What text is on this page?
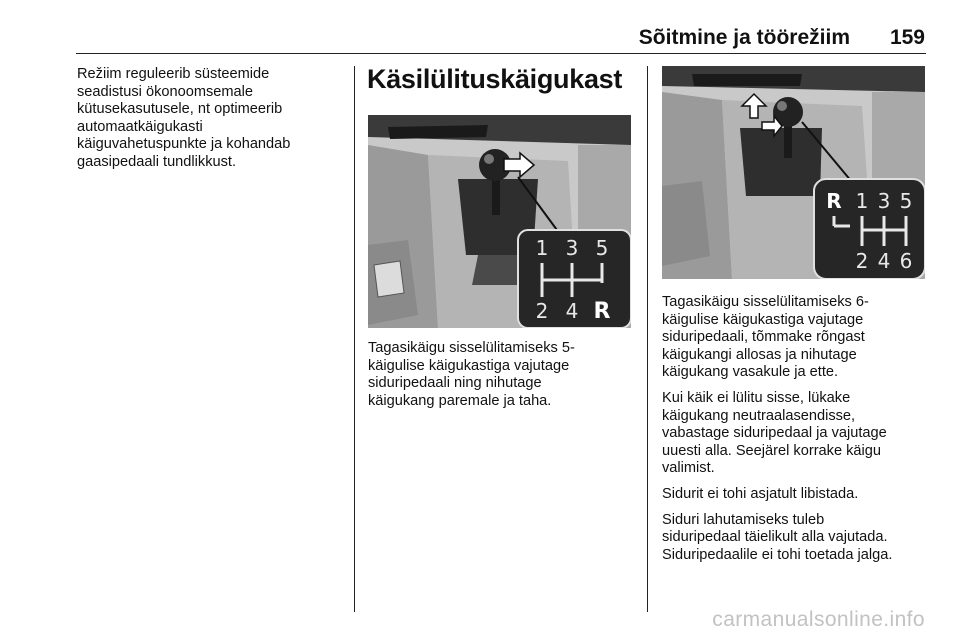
Sõitmine ja töörežiim 159

Režiim reguleerib süsteemide
seadistusi ökonoomsemale
kütusekasutusele, nt optimeerib
automaatkäigukasti
käiguvahetuspunkte ja kohandab
gaasipedaali tundlikkust.

Käsilülituskäigukast
1 3 5
2 4 R

Tagasikäigu sisselülitamiseks 5-
käigulise käigukastiga vajutage
siduripedaali ning nihutage
käigukang paremale ja taha.

R 1 3 5
2 4 6

Tagasikäigu sisselülitamiseks 6-
käigulise käigukastiga vajutage
siduripedaali, tõmmake rõngast
käigukangi allosas ja nihutage
käigukang vasakule ja ette.

Kui käik ei lülitu sisse, lükake
käigukang neutraalasendisse,
vabastage siduripedaal ja vajutage
uuesti alla. Seejärel korrake käigu
valimist.

Sidurit ei tohi asjatult libistada.

Siduri lahutamiseks tuleb
siduripedaal täielikult alla vajutada.
Siduripedaalile ei tohi toetada jalga.

carmanualsonline.info
